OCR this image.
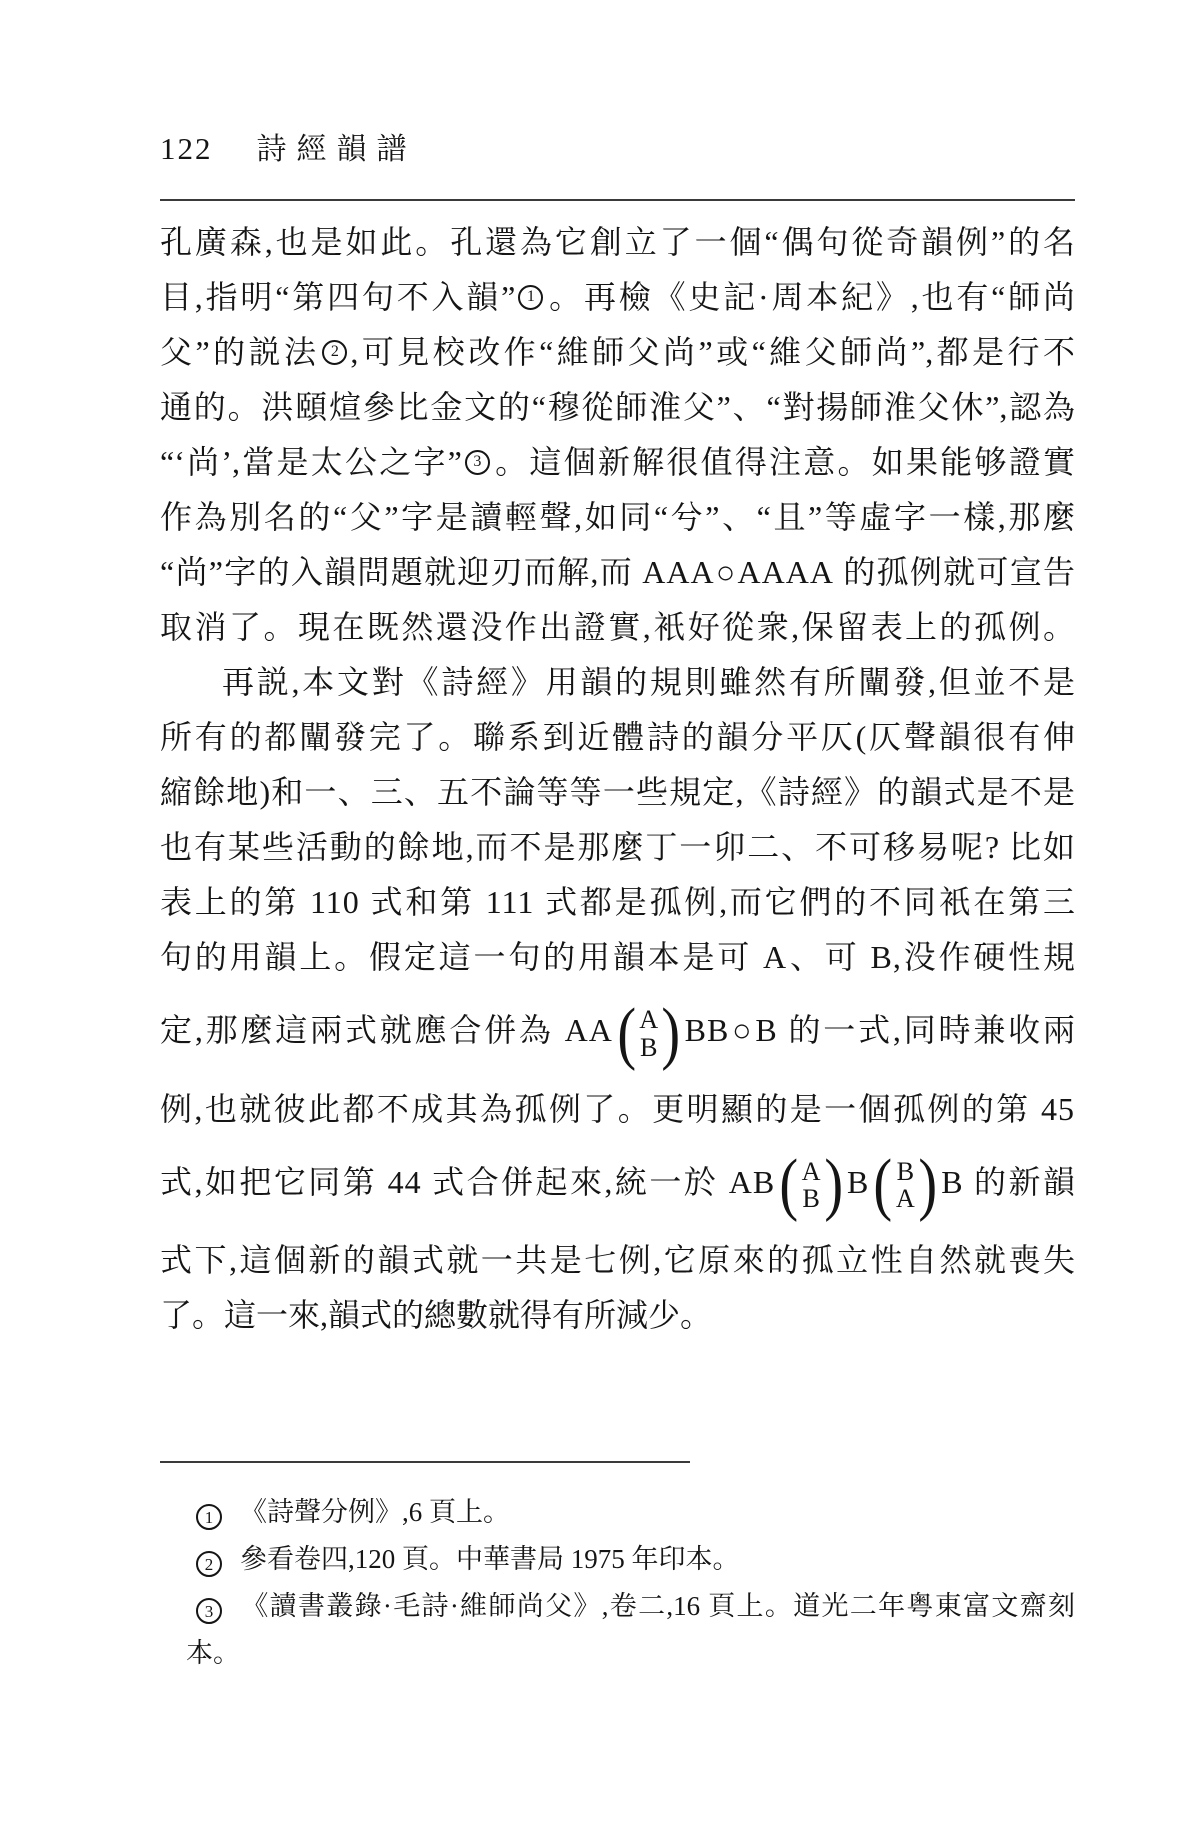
122 詩經韻譜
孔廣森,也是如此。孔還為它創立了一個“偶句從奇韻例”的名
目,指明“第四句不入韻” 1 。再檢《史記·周本紀》,也有“師尚
父”的説法 2 ,可見校改作“維師父尚”或“維父師尚”,都是行不
通的。洪頤煊參比金文的“穆從師淮父”、“對揚師淮父休”,認為
“‘尚’,當是太公之字” 3 。這個新解很值得注意。如果能够證實
作為別名的“父”字是讀輕聲,如同“兮”、“且”等虛字一樣,那麼
“尚”字的入韻問題就迎刃而解,而 AAA○AAAA 的孤例就可宣告
取消了。現在既然還没作出證實,衹好從衆,保留表上的孤例。
再説,本文對《詩經》用韻的規則雖然有所闡發,但並不是
所有的都闡發完了。聯系到近體詩的韻分平仄(仄聲韻很有伸
縮餘地)和一、三、五不論等等一些規定,《詩經》的韻式是不是
也有某些活動的餘地,而不是那麼丁一卯二、不可移易呢? 比如
表上的第 110 式和第 111 式都是孤例,而它們的不同衹在第三
句的用韻上。假定這一句的用韻本是可 A、可 B,没作硬性規
定,那麼這兩式就應合併為 AA ( A
B ) BB○B 的一式,同時兼收兩
例,也就彼此都不成其為孤例了。更明顯的是一個孤例的第 45
式,如把它同第 44 式合併起來,統一於 AB ( A
B ) B ( B
A ) B 的新韻
式下,這個新的韻式就一共是七例,它原來的孤立性自然就喪失
了。這一來,韻式的總數就得有所減少。
1 《詩聲分例》,6 頁上。
2 參看卷四,120 頁。中華書局 1975 年印本。
3 《讀書叢錄·毛詩·維師尚父》,卷二,16 頁上。道光二年粤東富文齋刻
本。
